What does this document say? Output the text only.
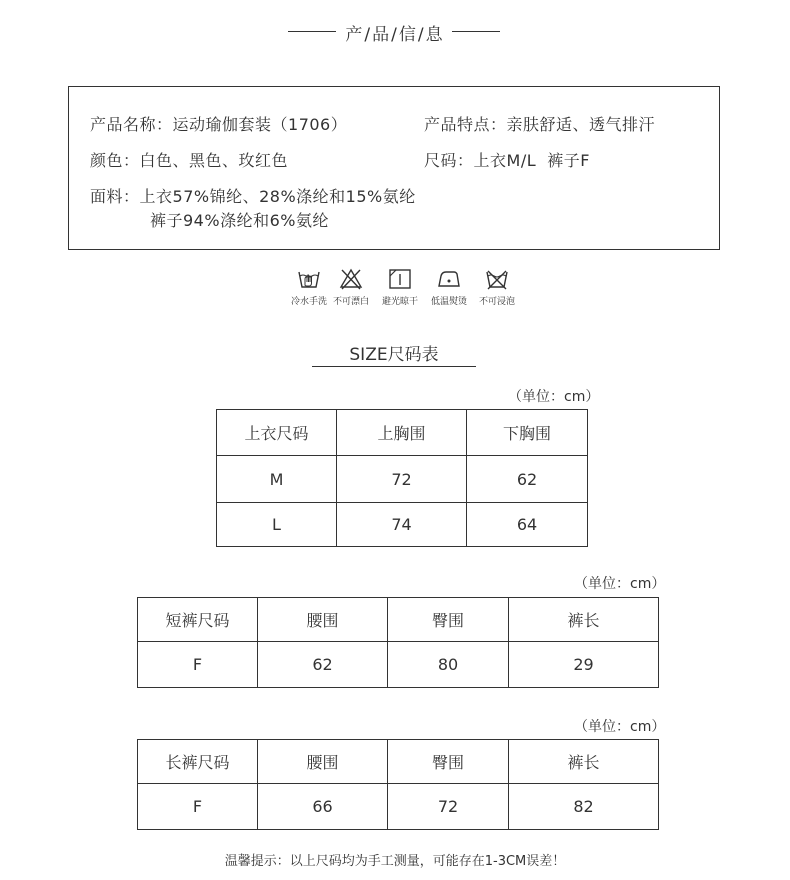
产/品/信/息
产品名称：运动瑜伽套装（1706）	产品特点：亲肤舒适、透气排汗
颜色：白色、黑色、玫红色	尺码：上衣M/L  裤子F
面料：上衣57%锦纶、28%涤纶和15%氨纶
裤子94%涤纶和6%氨纶
冷水手洗 不可漂白	避光晾干	低温熨烫	不可浸泡
SIZE尺码表
（单位：cm）
上衣尺码	上胸围	下胸围
M	72	62
L	74	64
（单位：cm）
短裤尺码	腰围	臀围	裤长
F	62	80	29
（单位：cm）
长裤尺码	腰围	臀围	裤长
F	66	72	82
温馨提示：以上尺码均为手工测量，可能存在1-3CM误差！
